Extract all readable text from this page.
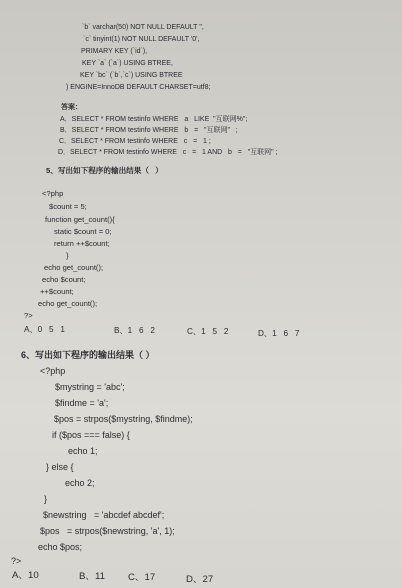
`b` varchar(50) NOT NULL DEFAULT '',
`c` tinyint(1) NOT NULL DEFAULT '0',
PRIMARY KEY (`id`),
KEY `a` (`a`) USING BTREE,
KEY `bc` (`b`,`c`) USING BTREE
) ENGINE=InnoDB DEFAULT CHARSET=utf8;
答案：
A．SELECT * FROM testinfo WHERE   a   LIKE  "互联网%";
B．SELECT * FROM testinfo WHERE   b   =   "互联网"   ;
C．SELECT * FROM testinfo WHERE   c   =   1 ;
D．SELECT * FROM testinfo WHERE   c   =   1 AND   b   =   "互联网" ;
5、写出如下程序的输出结果（   ）
<?php
$count = 5;
function get_count(){
static $count = 0;
return ++$count;
}
echo get_count();
echo $count;
++$count;
echo get_count();
?>
A、0   5   1	B、1   6   2	C、1   5   2	D、1   6   7
6、写出如下程序的输出结果（ ）
<?php
$mystring = 'abc';
$findme = 'a';
$pos = strpos($mystring, $findme);
if ($pos === false) {
echo 1;
} else {
echo 2;
}
$newstring   = 'abcdef abcdef';
$pos   = strpos($newstring, 'a', 1);
echo $pos;
?>
A、10	B、11 C、17	D、27
